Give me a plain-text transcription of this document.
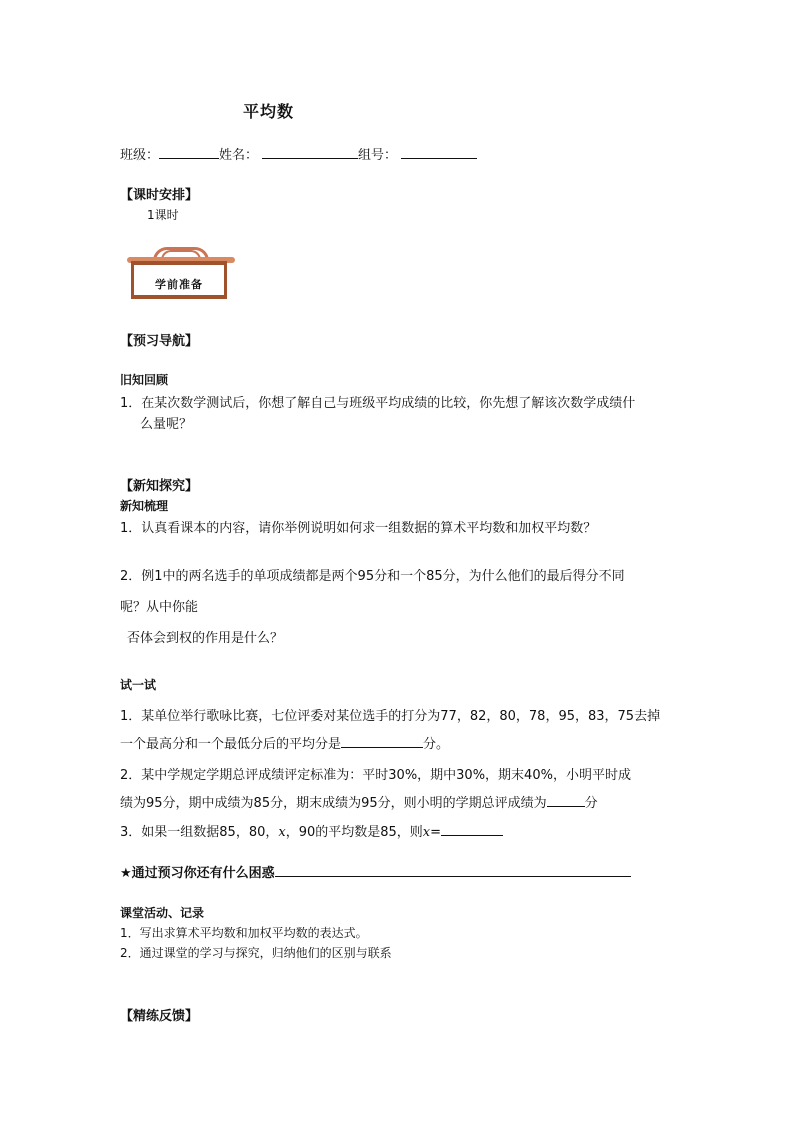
平均数
班级：	姓名：	组号：
【课时安排】
1课时
学前准备
【预习导航】
旧知回顾
1．在某次数学测试后，你想了解自己与班级平均成绩的比较，你先想了解该次数学成绩什
么量呢？
【新知探究】
新知梳理
1．认真看课本的内容，请你举例说明如何求一组数据的算术平均数和加权平均数？
2．例1中的两名选手的单项成绩都是两个95分和一个85分，为什么他们的最后得分不同
呢？从中你能
否体会到权的作用是什么？
试一试
1．某单位举行歌咏比赛，七位评委对某位选手的打分为77，82，80，78，95，83，75去掉
一个最高分和一个最低分后的平均分是	分。
2．某中学规定学期总评成绩评定标准为：平时30%，期中30%，期末40%，小明平时成
绩为95分，期中成绩为85分，期末成绩为95分，则小明的学期总评成绩为	分
3．如果一组数据85，80，x，90的平均数是85，则x=
★通过预习你还有什么困惑
课堂活动、记录
1．写出求算术平均数和加权平均数的表达式。
2．通过课堂的学习与探究，归纳他们的区别与联系
【精练反馈】
